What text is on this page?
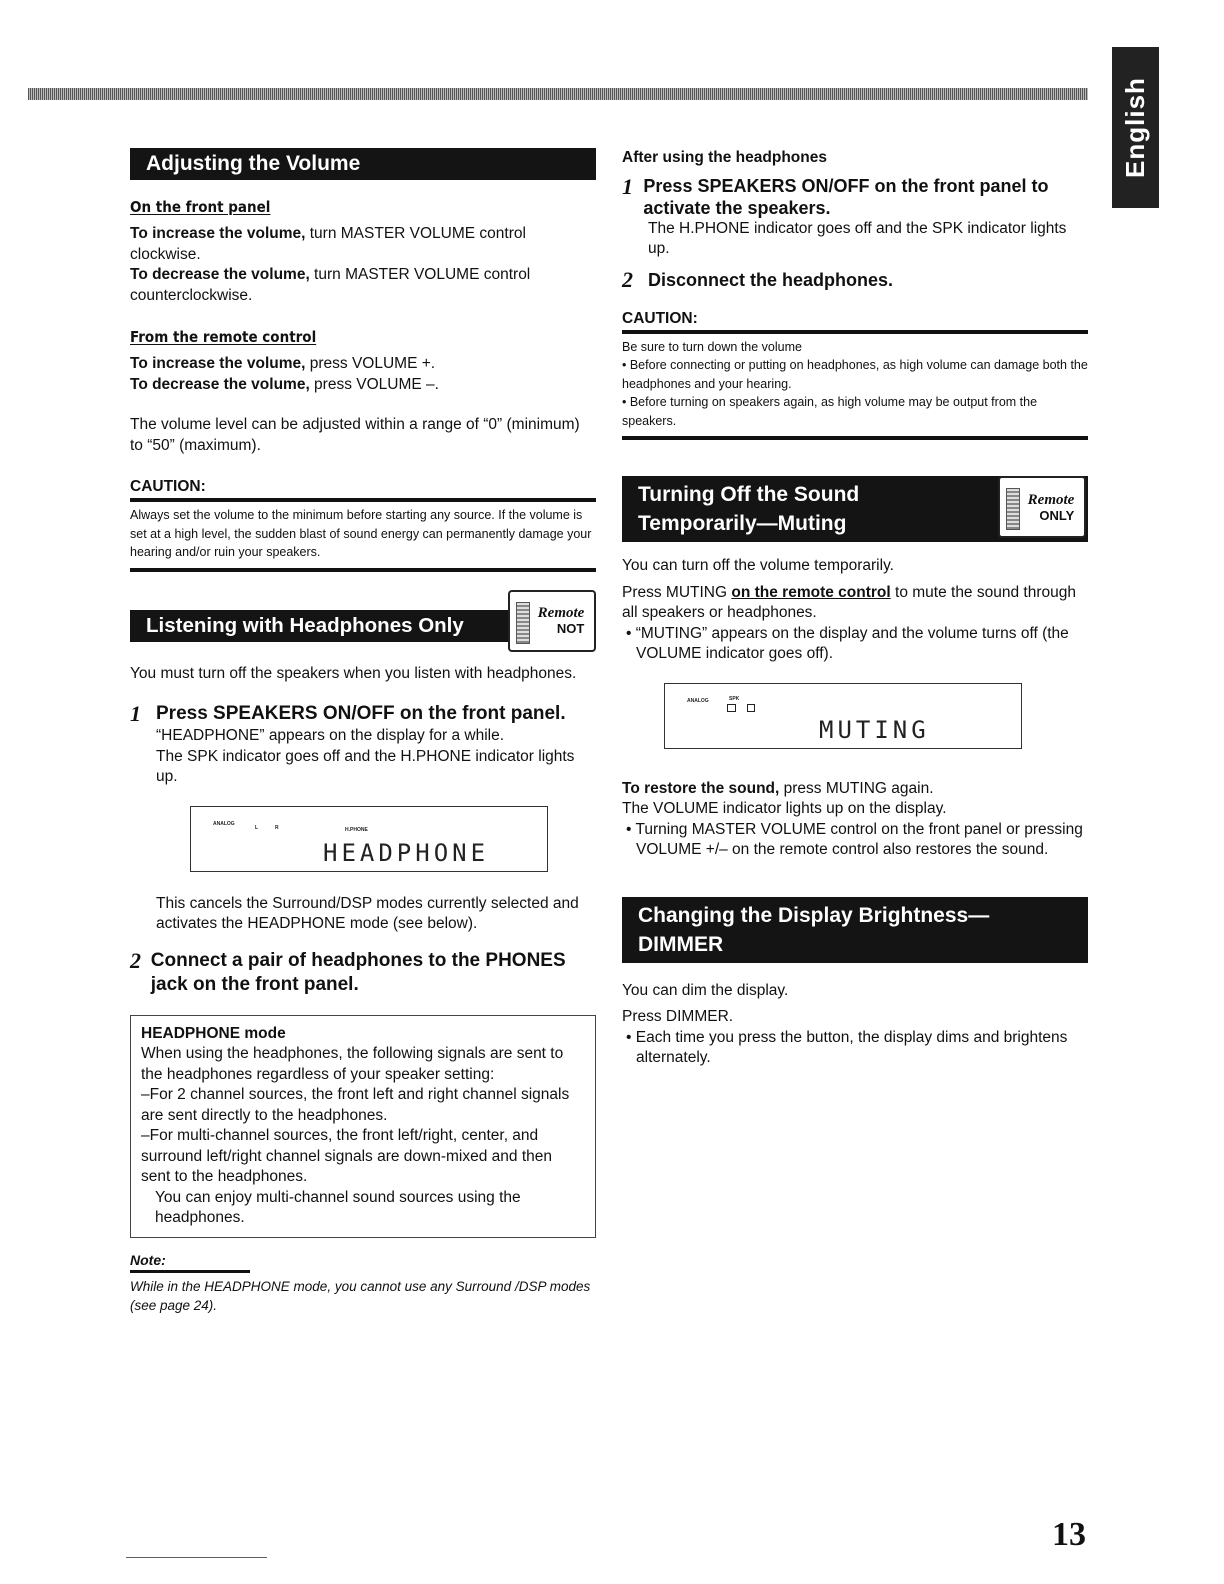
English
Adjusting the Volume
On the front panel

To increase the volume, turn MASTER VOLUME control clockwise.

To decrease the volume, turn MASTER VOLUME control counterclockwise.

From the remote control

To increase the volume, press VOLUME +.

To decrease the volume, press VOLUME –.

The volume level can be adjusted within a range of “0” (minimum) to “50” (maximum).

CAUTION:

Always set the volume to the minimum before starting any source. If the volume is set at a high level, the sudden blast of sound energy can permanently damage your hearing and/or ruin your speakers.

Listening with Headphones Only
Remote
NOT

You must turn off the speakers when you listen with headphones.

1 Press SPEAKERS ON/OFF on the front panel.

“HEADPHONE” appears on the display for a while.

The SPK indicator goes off and the H.PHONE indicator lights up.

ANALOG
L	R	H.PHONE
HEADPHONE

This cancels the Surround/DSP modes currently selected and activates the HEADPHONE mode (see below).

2 Connect a pair of headphones to the PHONES jack on the front panel.

HEADPHONE mode

When using the headphones, the following signals are sent to the headphones regardless of your speaker setting:

–For 2 channel sources, the front left and right channel signals are sent directly to the headphones.

–For multi-channel sources, the front left/right, center, and surround left/right channel signals are down-mixed and then sent to the headphones.

You can enjoy multi-channel sound sources using the headphones.

Note:

While in the HEADPHONE mode, you cannot use any Surround /DSP modes (see page 24).

After using the headphones

1 Press SPEAKERS ON/OFF on the front panel to activate the speakers.

The H.PHONE indicator goes off and the SPK indicator lights up.

2 Disconnect the headphones.
CAUTION:

Be sure to turn down the volume

• Before connecting or putting on headphones, as high volume can damage both the headphones and your hearing.

• Before turning on speakers again, as high volume may be output from the speakers.

Turning Off the Sound
Temporarily—Muting
Remote
ONLY

You can turn off the volume temporarily.

Press MUTING on the remote control to mute the sound through all speakers or headphones.

• “MUTING” appears on the display and the volume turns off (the VOLUME indicator goes off).

ANALOG	SPK
MUTING

To restore the sound, press MUTING again.

The VOLUME indicator lights up on the display.

• Turning MASTER VOLUME control on the front panel or pressing VOLUME +/– on the remote control also restores the sound.

Changing the Display Brightness—
DIMMER

You can dim the display.

Press DIMMER.

• Each time you press the button, the display dims and brightens alternately.

13
